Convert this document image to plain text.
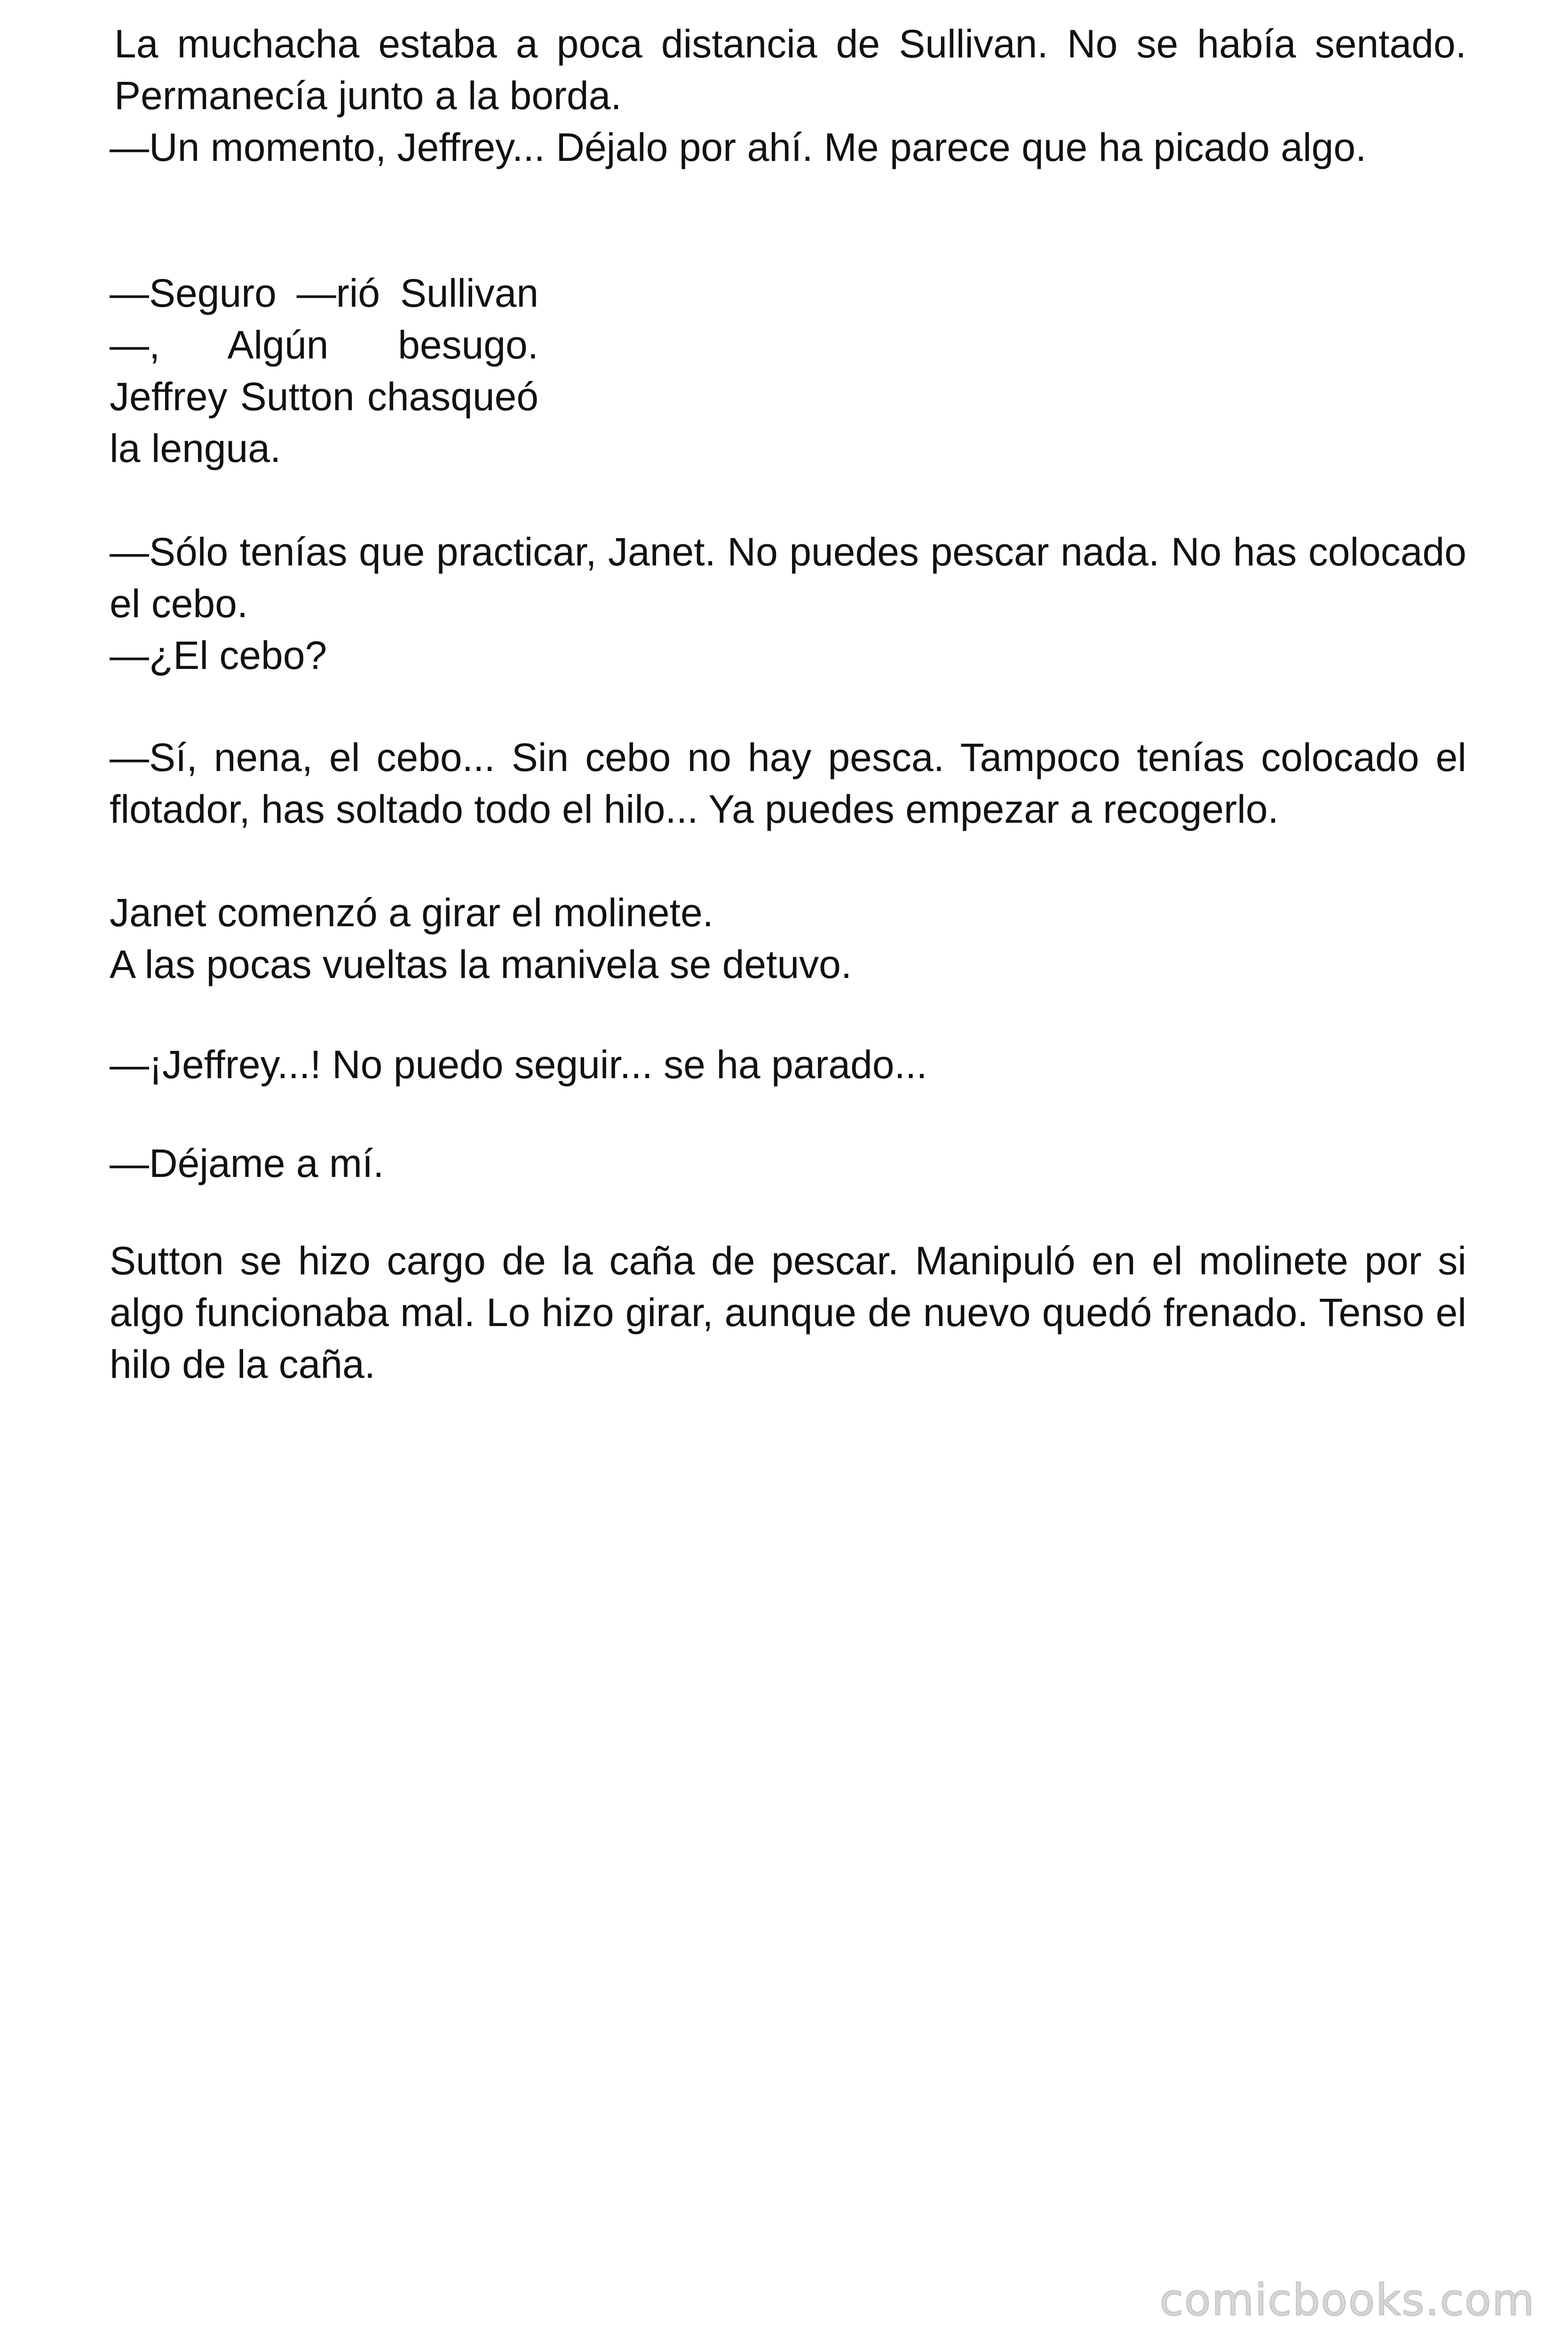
La muchacha estaba a poca distancia de Sullivan. No se había sentado. Permanecía junto a la borda.

—Un momento, Jeffrey... Déjalo por ahí. Me parece que ha picado algo.

—Seguro —rió Sullivan—, Algún besugo. Jeffrey Sutton chasqueó la lengua.

—Sólo tenías que practicar, Janet. No puedes pescar nada. No has colocado el cebo.

—¿El cebo?

—Sí, nena, el cebo... Sin cebo no hay pesca. Tampoco tenías colocado el flotador, has soltado todo el hilo... Ya puedes empezar a recogerlo.

Janet comenzó a girar el molinete.

A las pocas vueltas la manivela se detuvo.

—¡Jeffrey...! No puedo seguir... se ha parado...

—Déjame a mí.

Sutton se hizo cargo de la caña de pescar. Manipuló en el molinete por si algo funcionaba mal. Lo hizo girar, aunque de nuevo quedó frenado. Tenso el hilo de la caña.

comicbooks.com
